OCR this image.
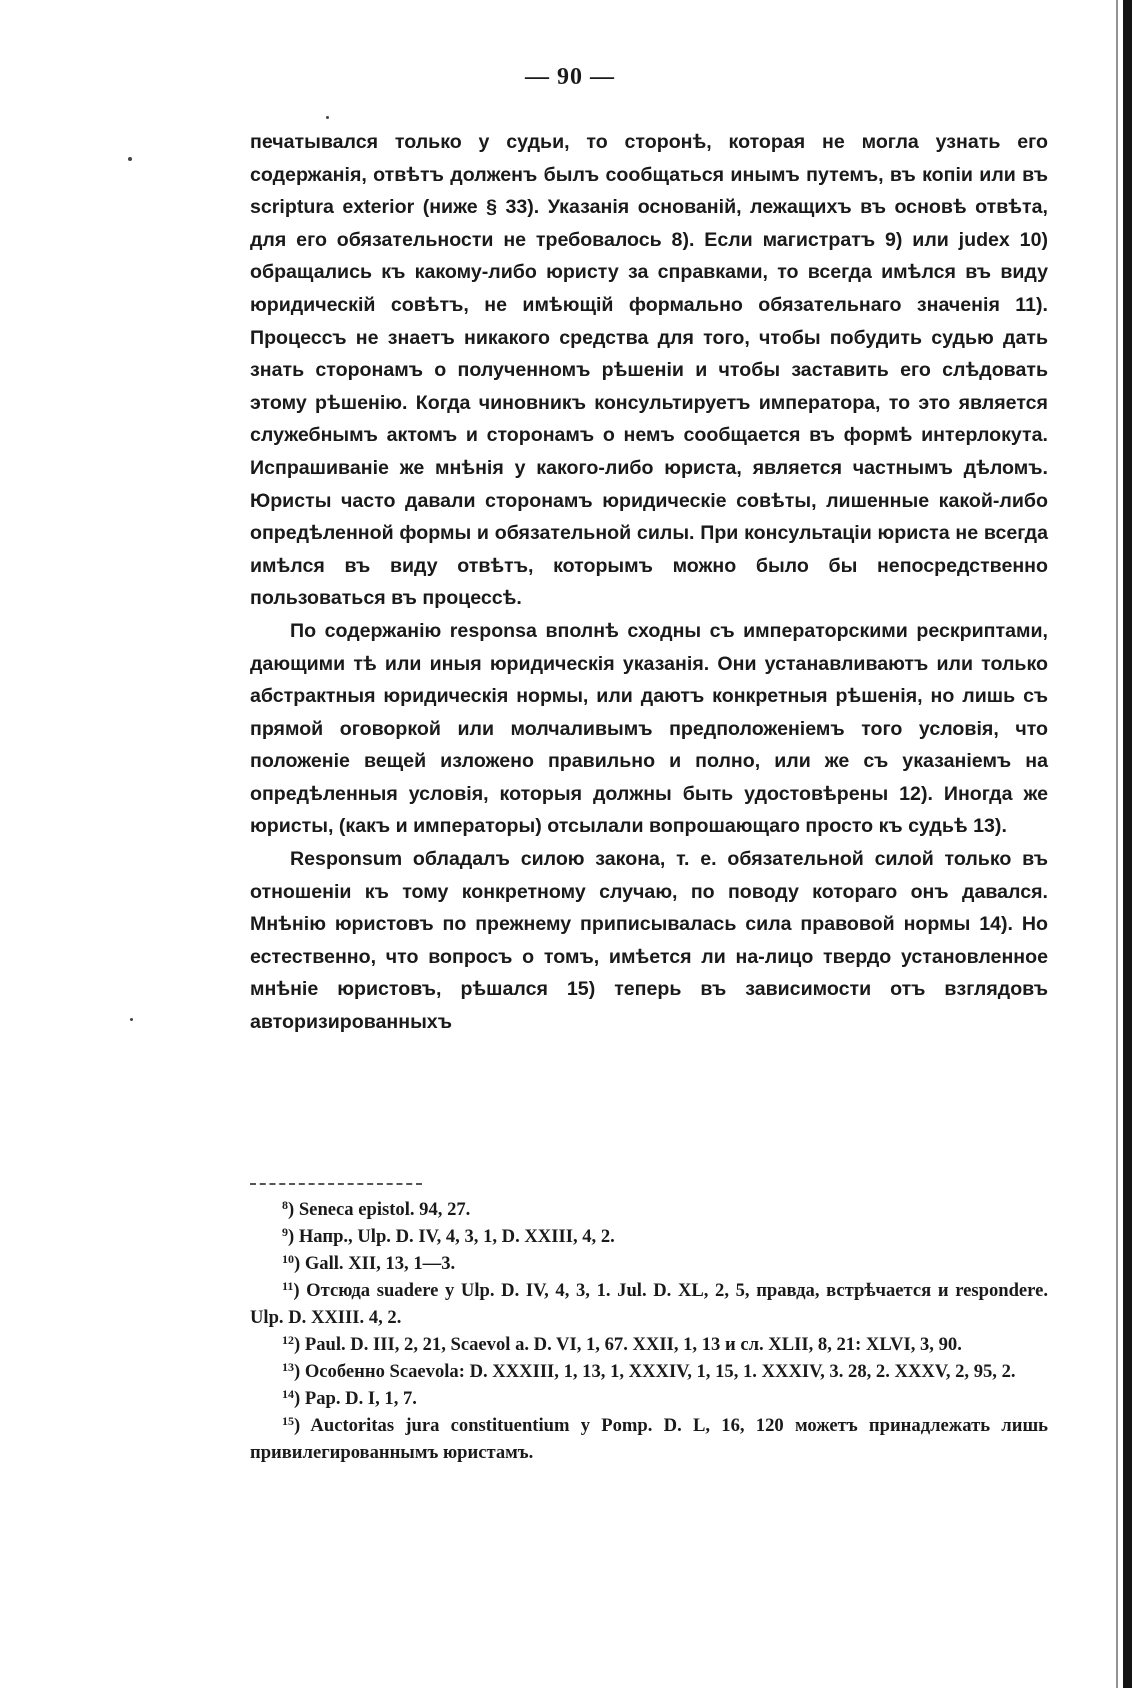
— 90 —

печатывался только у судьи, то сторонѣ, которая не могла узнать его содержанія, отвѣтъ долженъ былъ сообщаться инымъ путемъ, въ копіи или въ scriptura exterior (ниже § 33). Указанія основаній, лежащихъ въ основѣ отвѣта, для его обязательности не требовалось 8). Если магистратъ 9) или judex 10) обращались къ какому-либо юристу за справками, то всегда имѣлся въ виду юридическій совѣтъ, не имѣющій формально обязательнаго значенія 11). Процессъ не знаетъ никакого средства для того, чтобы побудить судью дать знать сторонамъ о полученномъ рѣшеніи и чтобы заставить его слѣдовать этому рѣшенію. Когда чиновникъ консультируетъ императора, то это является служебнымъ актомъ и сторонамъ о немъ сообщается въ формѣ интерлокута. Испрашиваніе же мнѣнія у какого-либо юриста, является частнымъ дѣломъ. Юристы часто давали сторонамъ юридическіе совѣты, лишенные какой-либо опредѣленной формы и обязательной силы. При консультаціи юриста не всегда имѣлся въ виду отвѣтъ, которымъ можно было бы непосредственно пользоваться въ процессѣ.

По содержанію responsa вполнѣ сходны съ императорскими рескриптами, дающими тѣ или иныя юридическія указанія. Они устанавливаютъ или только абстрактныя юридическія нормы, или даютъ конкретныя рѣшенія, но лишь съ прямой оговоркой или молчаливымъ предположеніемъ того условія, что положеніе вещей изложено правильно и полно, или же съ указаніемъ на опредѣленныя условія, которыя должны быть удостовѣрены 12). Иногда же юристы, (какъ и императоры) отсылали вопрошающаго просто къ судьѣ 13).

Responsum обладалъ силою закона, т. е. обязательной силой только въ отношеніи къ тому конкретному случаю, по поводу котораго онъ давался. Мнѣнію юристовъ по прежнему приписывалась сила правовой нормы 14). Но естественно, что вопросъ о томъ, имѣется ли на-лицо твердо установленное мнѣніе юристовъ, рѣшался 15) теперь въ зависимости отъ взглядовъ авторизированныхъ

$^8$) Seneca epistol. 94, 27.

$^9$) Напр., Ulp. D. IV, 4, 3, 1, D. XXIII, 4, 2.

$^{10}$) Gall. XII, 13, 1—3.

$^{11}$) Отсюда suadere у Ulp. D. IV, 4, 3, 1. Jul. D. XL, 2, 5, правда, встрѣчается и respondere. Ulp. D. XXIII. 4, 2.

$^{12}$) Paul. D. III, 2, 21, Scaevol a. D. VI, 1, 67. XXII, 1, 13 и сл. XLII, 8, 21: XLVI, 3, 90.

$^{13}$) Особенно Scaevola: D. XXXIII, 1, 13, 1, XXXIV, 1, 15, 1. XXXIV, 3. 28, 2. XXXV, 2, 95, 2.

$^{14}$) Pap. D. I, 1, 7.

$^{15}$) Auctoritas jura constituentium у Pomp. D. L, 16, 120 можетъ принадлежать лишь привилегированнымъ юристамъ.
